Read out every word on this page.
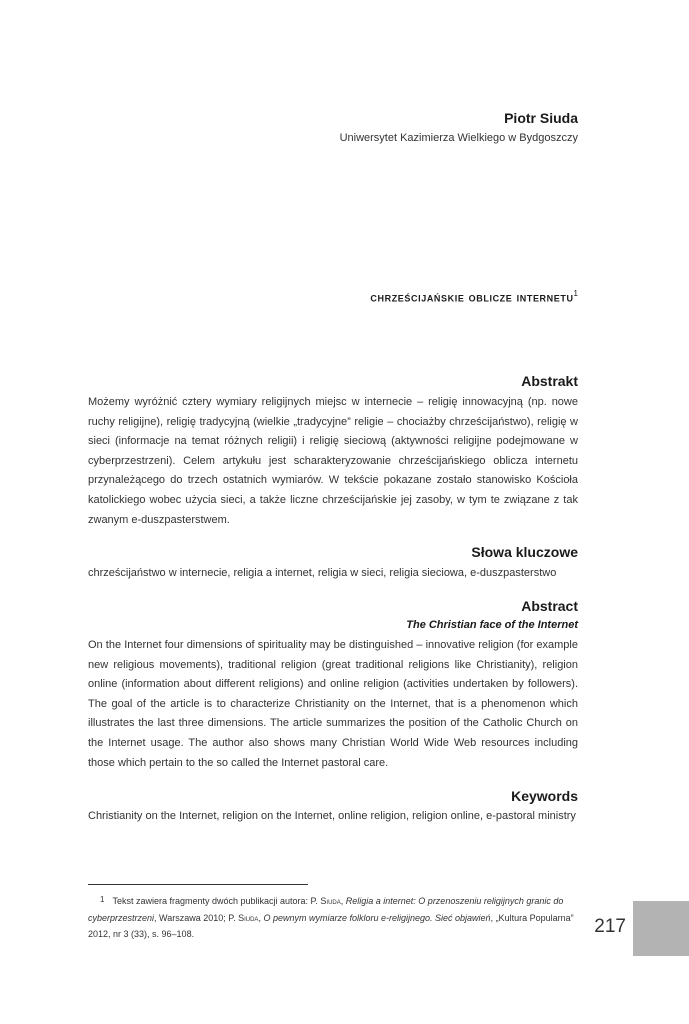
Piotr Siuda
Uniwersytet Kazimierza Wielkiego w Bydgoszczy
chrześcijańskie oblicze internetu$^1$
Abstrakt
Możemy wyróżnić cztery wymiary religijnych miejsc w internecie – religię innowacyjną (np. nowe ruchy religijne), religię tradycyjną (wielkie „tradycyjne” religie – chociażby chrześcijaństwo), religię w sieci (informacje na temat różnych religii) i religię sieciową (aktywności religijne podejmowane w cyberprzestrzeni). Celem artykułu jest scharakteryzowanie chrześcijańskiego oblicza internetu przynależącego do trzech ostatnich wymiarów. W tekście pokazane zostało stanowisko Kościoła katolickiego wobec użycia sieci, a także liczne chrześcijańskie jej zasoby, w tym te związane z tak zwanym e-duszpasterstwem.
Słowa kluczowe
chrześcijaństwo w internecie, religia a internet, religia w sieci, religia sieciowa, e-duszpasterstwo
Abstract
The Christian face of the Internet
On the Internet four dimensions of spirituality may be distinguished – innovative religion (for example new religious movements), traditional religion (great traditional religions like Christianity), religion online (information about different religions) and online religion (activities undertaken by followers). The goal of the article is to characterize Christianity on the Internet, that is a phenomenon which illustrates the last three dimensions. The article summarizes the position of the Catholic Church on the Internet usage. The author also shows many Christian World Wide Web resources including those which pertain to the so called the Internet pastoral care.
Keywords
Christianity on the Internet, religion on the Internet, online religion, religion online, e-pastoral ministry
1 Tekst zawiera fragmenty dwóch publikacji autora: P. Siuda, Religia a internet: O przenoszeniu religijnych granic do cyberprzestrzeni, Warszawa 2010; P. Siuda, O pewnym wymiarze folkloru e-religijnego. Sieć objawień, „Kultura Popularna” 2012, nr 3 (33), s. 96–108.	217
